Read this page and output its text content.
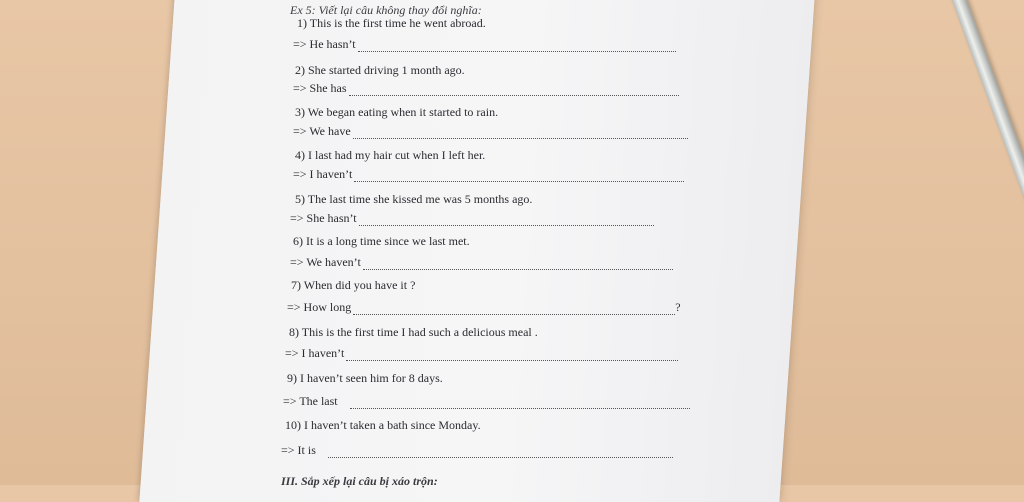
Ex 5: Viết lại câu không thay đổi nghĩa:
1) This is the first time he went abroad.
=> He hasn’t
2) She started driving 1 month ago.
=> She has
3) We began eating when it started to rain.
=> We have
4) I last had my hair cut when I left her.
=> I haven’t
5) The last time she kissed me was 5 months ago.
=> She hasn’t
6) It is a long time since we last met.
=> We haven’t
7) When did you have it ?
=> How long	?
8) This is the first time I had such a delicious meal .
=> I haven’t
9) I haven’t seen him for 8 days.
=> The last
10) I haven’t taken a bath since Monday.
=> It is
III. Sắp xếp lại câu bị xáo trộn:
